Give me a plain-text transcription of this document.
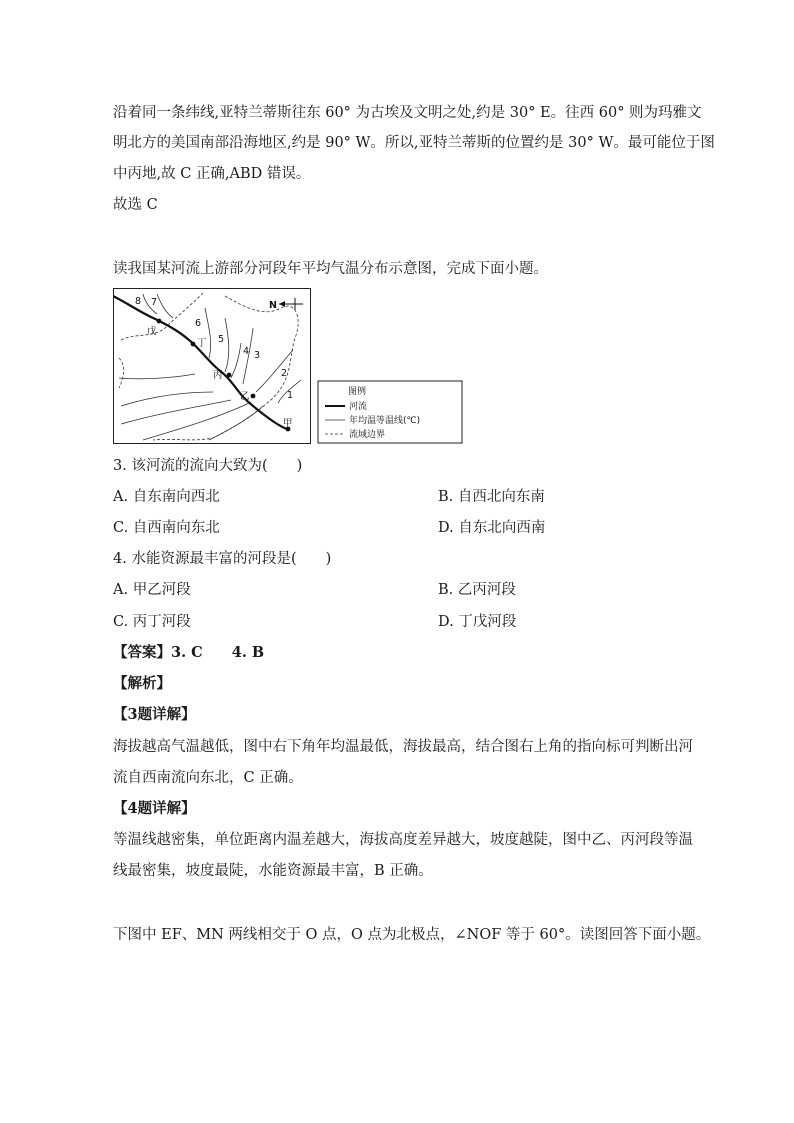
沿着同一条纬线,亚特兰蒂斯往东 60° 为古埃及文明之处,约是 30° E。往西 60° 则为玛雅文
明北方的美国南部沿海地区,约是 90° W。所以,亚特兰蒂斯的位置约是 30° W。最可能位于图
中丙地,故 C 正确,ABD 错误。
故选 C
读我国某河流上游部分河段年平均气温分布示意图，完成下面小题。
戊
丁
丙
乙
甲
1
2
3
4
5
6
7
8	N
图例
河流
年均温等温线(℃)
流域边界
3. 该河流的流向大致为(　　)
A. 自东南向西北	B. 自西北向东南
C. 自西南向东北	D. 自东北向西南
4. 水能资源最丰富的河段是(　　)
A. 甲乙河段	B. 乙丙河段
C. 丙丁河段	D. 丁戊河段
【答案】3. C　　4. B
【解析】
【3题详解】
海拔越高气温越低，图中右下角年均温最低，海拔最高，结合图右上角的指向标可判断出河
流自西南流向东北，C 正确。
【4题详解】
等温线越密集，单位距离内温差越大，海拔高度差异越大，坡度越陡，图中乙、丙河段等温
线最密集，坡度最陡，水能资源最丰富，B 正确。
下图中 EF、MN 两线相交于 O 点，O 点为北极点，∠NOF 等于 60°。读图回答下面小题。
